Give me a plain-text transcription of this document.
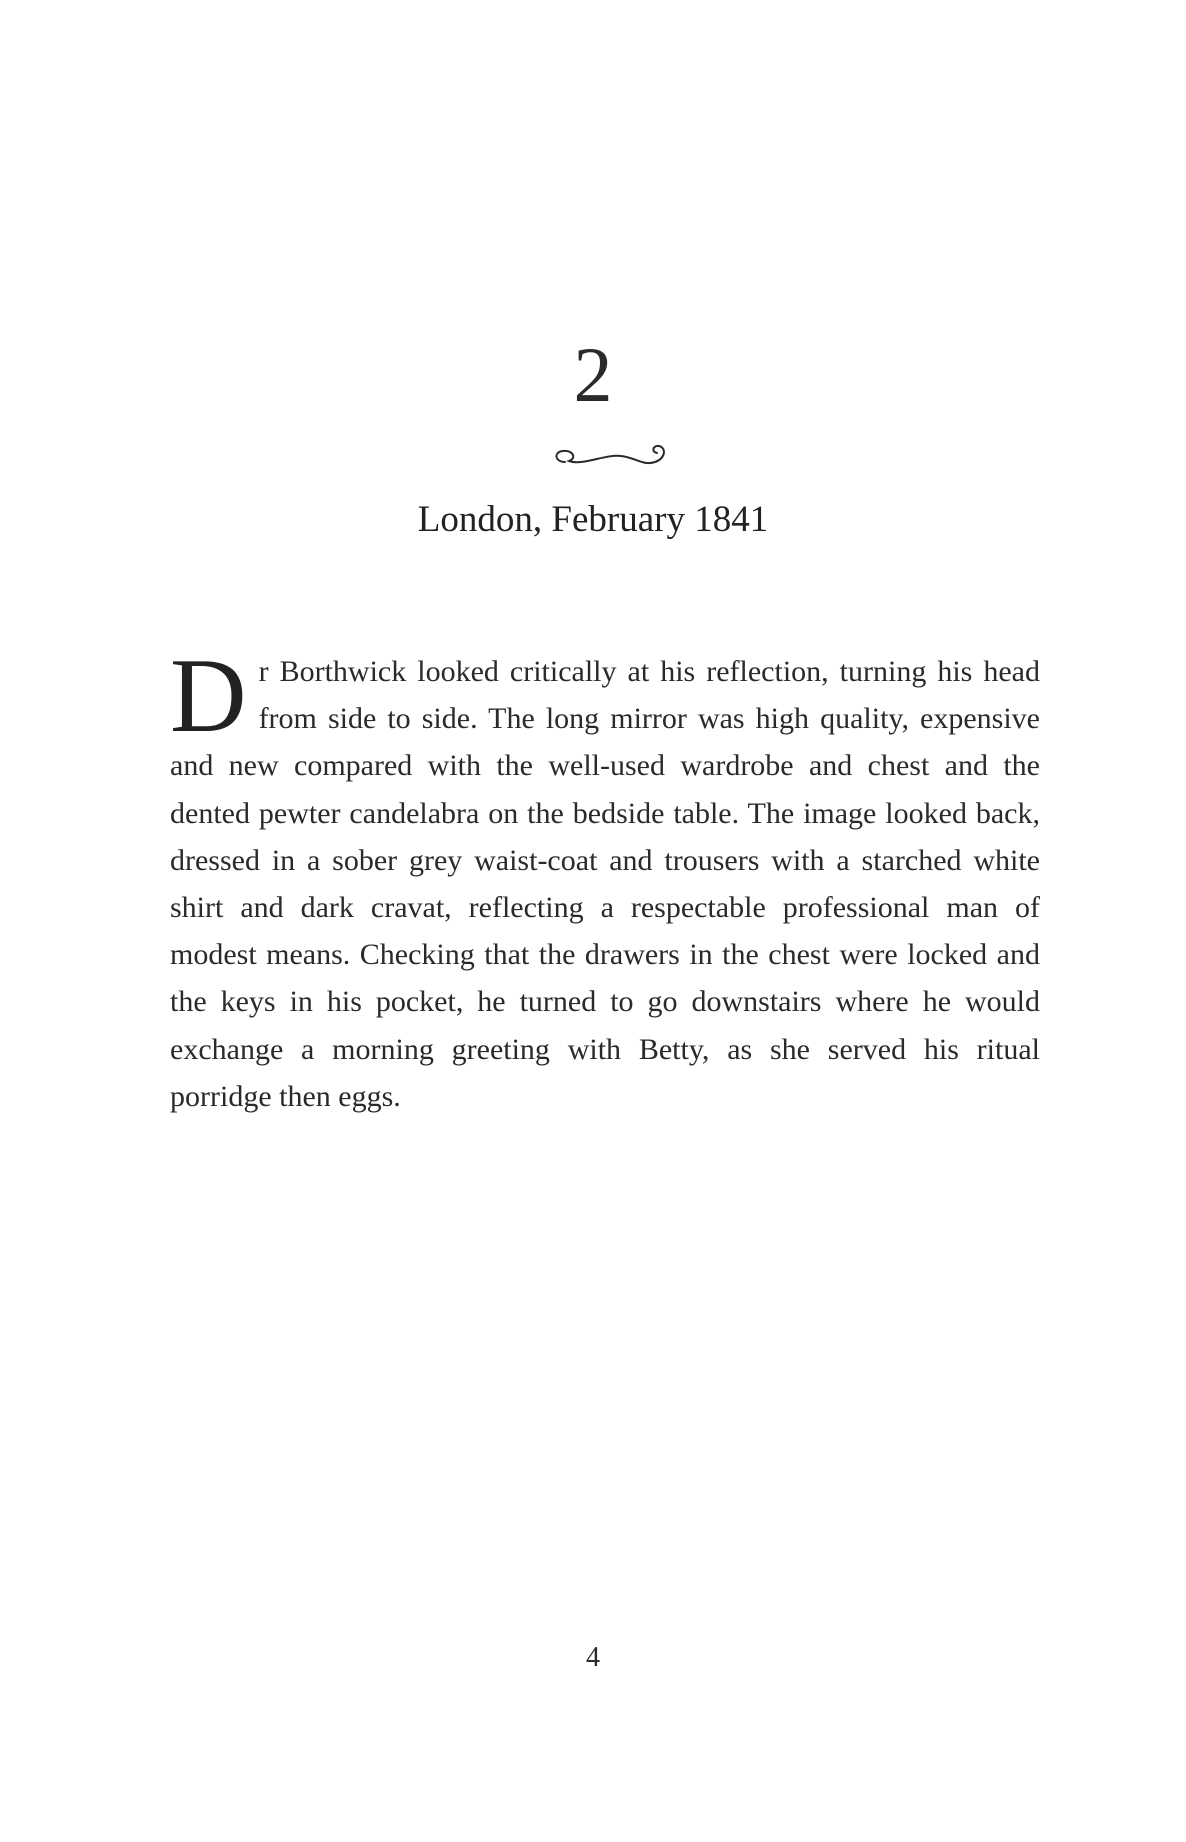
2
London, February 1841

Dr Borthwick looked critically at his reflection, turning his head from side to side. The long mirror was high quality, expensive and new compared with the well-used wardrobe and chest and the dented pewter candelabra on the bedside table. The image looked back, dressed in a sober grey waist-coat and trousers with a starched white shirt and dark cravat, reflecting a respectable professional man of modest means. Checking that the drawers in the chest were locked and the keys in his pocket, he turned to go downstairs where he would exchange a morning greeting with Betty, as she served his ritual porridge then eggs.

4
